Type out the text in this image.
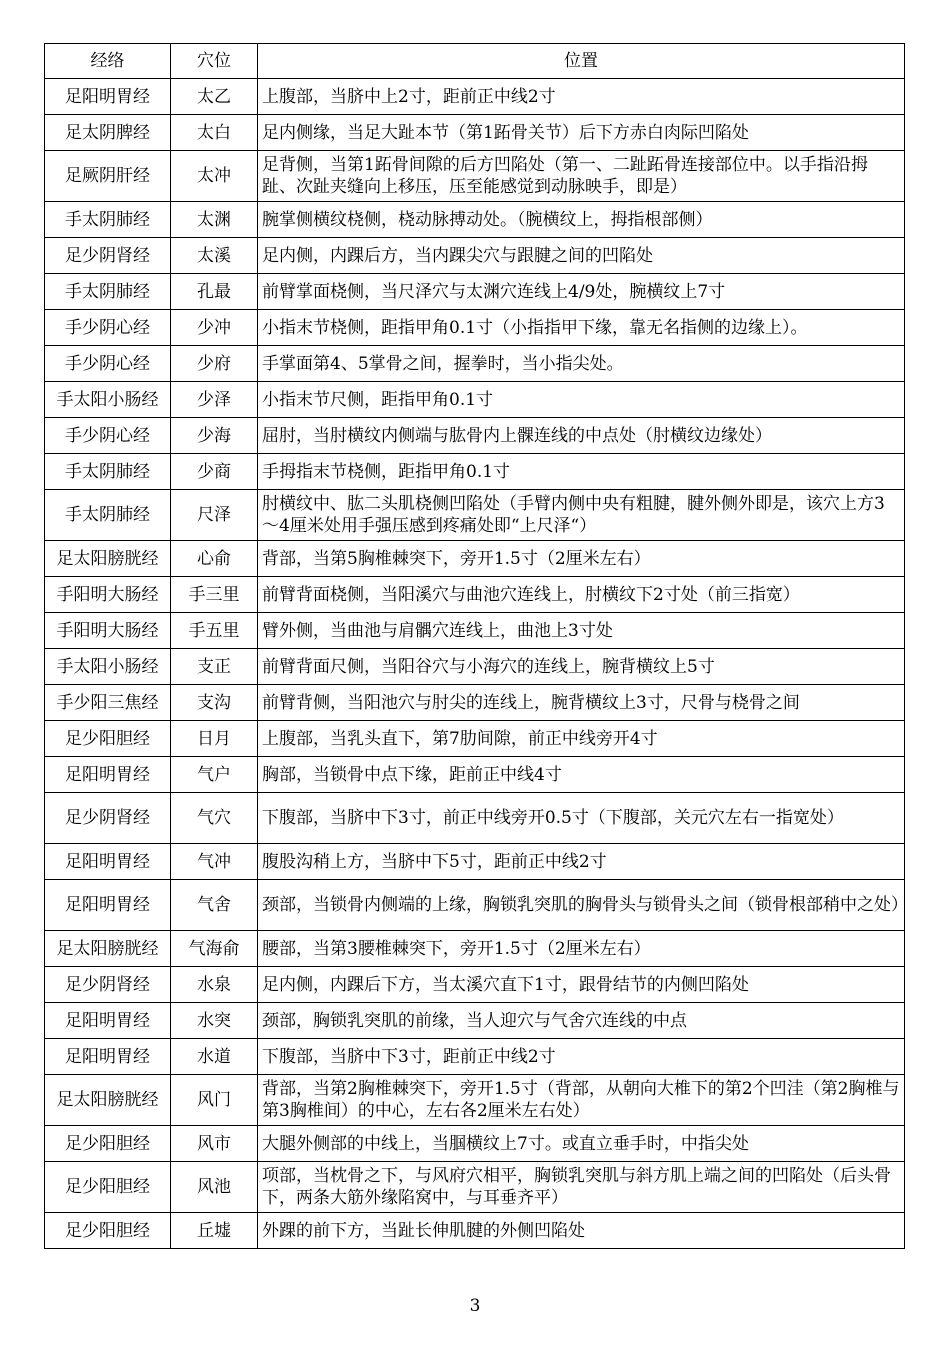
经络	穴位	位置
足阳明胃经	太乙	上腹部，当脐中上2寸，距前正中线2寸
足太阴脾经	太白	足内侧缘，当足大趾本节（第1跖骨关节）后下方赤白肉际凹陷处
足厥阴肝经	太冲	足背侧，当第1跖骨间隙的后方凹陷处（第一、二趾跖骨连接部位中。以手指沿拇趾、次趾夹缝向上移压，压至能感觉到动脉映手，即是）
手太阴肺经	太渊	腕掌侧横纹桡侧，桡动脉搏动处。（腕横纹上，拇指根部侧）
足少阴肾经	太溪	足内侧，内踝后方，当内踝尖穴与跟腱之间的凹陷处
手太阴肺经	孔最	前臂掌面桡侧，当尺泽穴与太渊穴连线上4/9处，腕横纹上7寸
手少阴心经	少冲	小指末节桡侧，距指甲角0.1寸（小指指甲下缘，靠无名指侧的边缘上）。
手少阴心经	少府	手掌面第4、5掌骨之间，握拳时，当小指尖处。
手太阳小肠经	少泽	小指末节尺侧，距指甲角0.1寸
手少阴心经	少海	屈肘，当肘横纹内侧端与肱骨内上髁连线的中点处（肘横纹边缘处）
手太阴肺经	少商	手拇指末节桡侧，距指甲角0.1寸
手太阴肺经	尺泽	肘横纹中、肱二头肌桡侧凹陷处（手臂内侧中央有粗腱，腱外侧外即是，该穴上方3～4厘米处用手强压感到疼痛处即“上尺泽“）
足太阳膀胱经	心俞	背部，当第5胸椎棘突下，旁开1.5寸（2厘米左右）
手阳明大肠经	手三里	前臂背面桡侧，当阳溪穴与曲池穴连线上，肘横纹下2寸处（前三指宽）
手阳明大肠经	手五里	臂外侧，当曲池与肩髃穴连线上，曲池上3寸处
手太阳小肠经	支正	前臂背面尺侧，当阳谷穴与小海穴的连线上，腕背横纹上5寸
手少阳三焦经	支沟	前臂背侧，当阳池穴与肘尖的连线上，腕背横纹上3寸，尺骨与桡骨之间
足少阳胆经	日月	上腹部，当乳头直下，第7肋间隙，前正中线旁开4寸
足阳明胃经	气户	胸部，当锁骨中点下缘，距前正中线4寸
足少阴肾经	气穴	下腹部，当脐中下3寸，前正中线旁开0.5寸（下腹部，关元穴左右一指宽处）
足阳明胃经	气冲	腹股沟稍上方，当脐中下5寸，距前正中线2寸
足阳明胃经	气舍	颈部，当锁骨内侧端的上缘，胸锁乳突肌的胸骨头与锁骨头之间（锁骨根部稍中之处）
足太阳膀胱经	气海俞	腰部，当第3腰椎棘突下，旁开1.5寸（2厘米左右）
足少阴肾经	水泉	足内侧，内踝后下方，当太溪穴直下1寸，跟骨结节的内侧凹陷处
足阳明胃经	水突	颈部，胸锁乳突肌的前缘，当人迎穴与气舍穴连线的中点
足阳明胃经	水道	下腹部，当脐中下3寸，距前正中线2寸
足太阳膀胱经	风门	背部，当第2胸椎棘突下，旁开1.5寸（背部，从朝向大椎下的第2个凹洼（第2胸椎与第3胸椎间）的中心，左右各2厘米左右处）
足少阳胆经	风市	大腿外侧部的中线上，当腘横纹上7寸。或直立垂手时，中指尖处
足少阳胆经	风池	项部，当枕骨之下，与风府穴相平，胸锁乳突肌与斜方肌上端之间的凹陷处（后头骨下，两条大筋外缘陷窝中，与耳垂齐平）
足少阳胆经	丘墟	外踝的前下方，当趾长伸肌腱的外侧凹陷处
3
